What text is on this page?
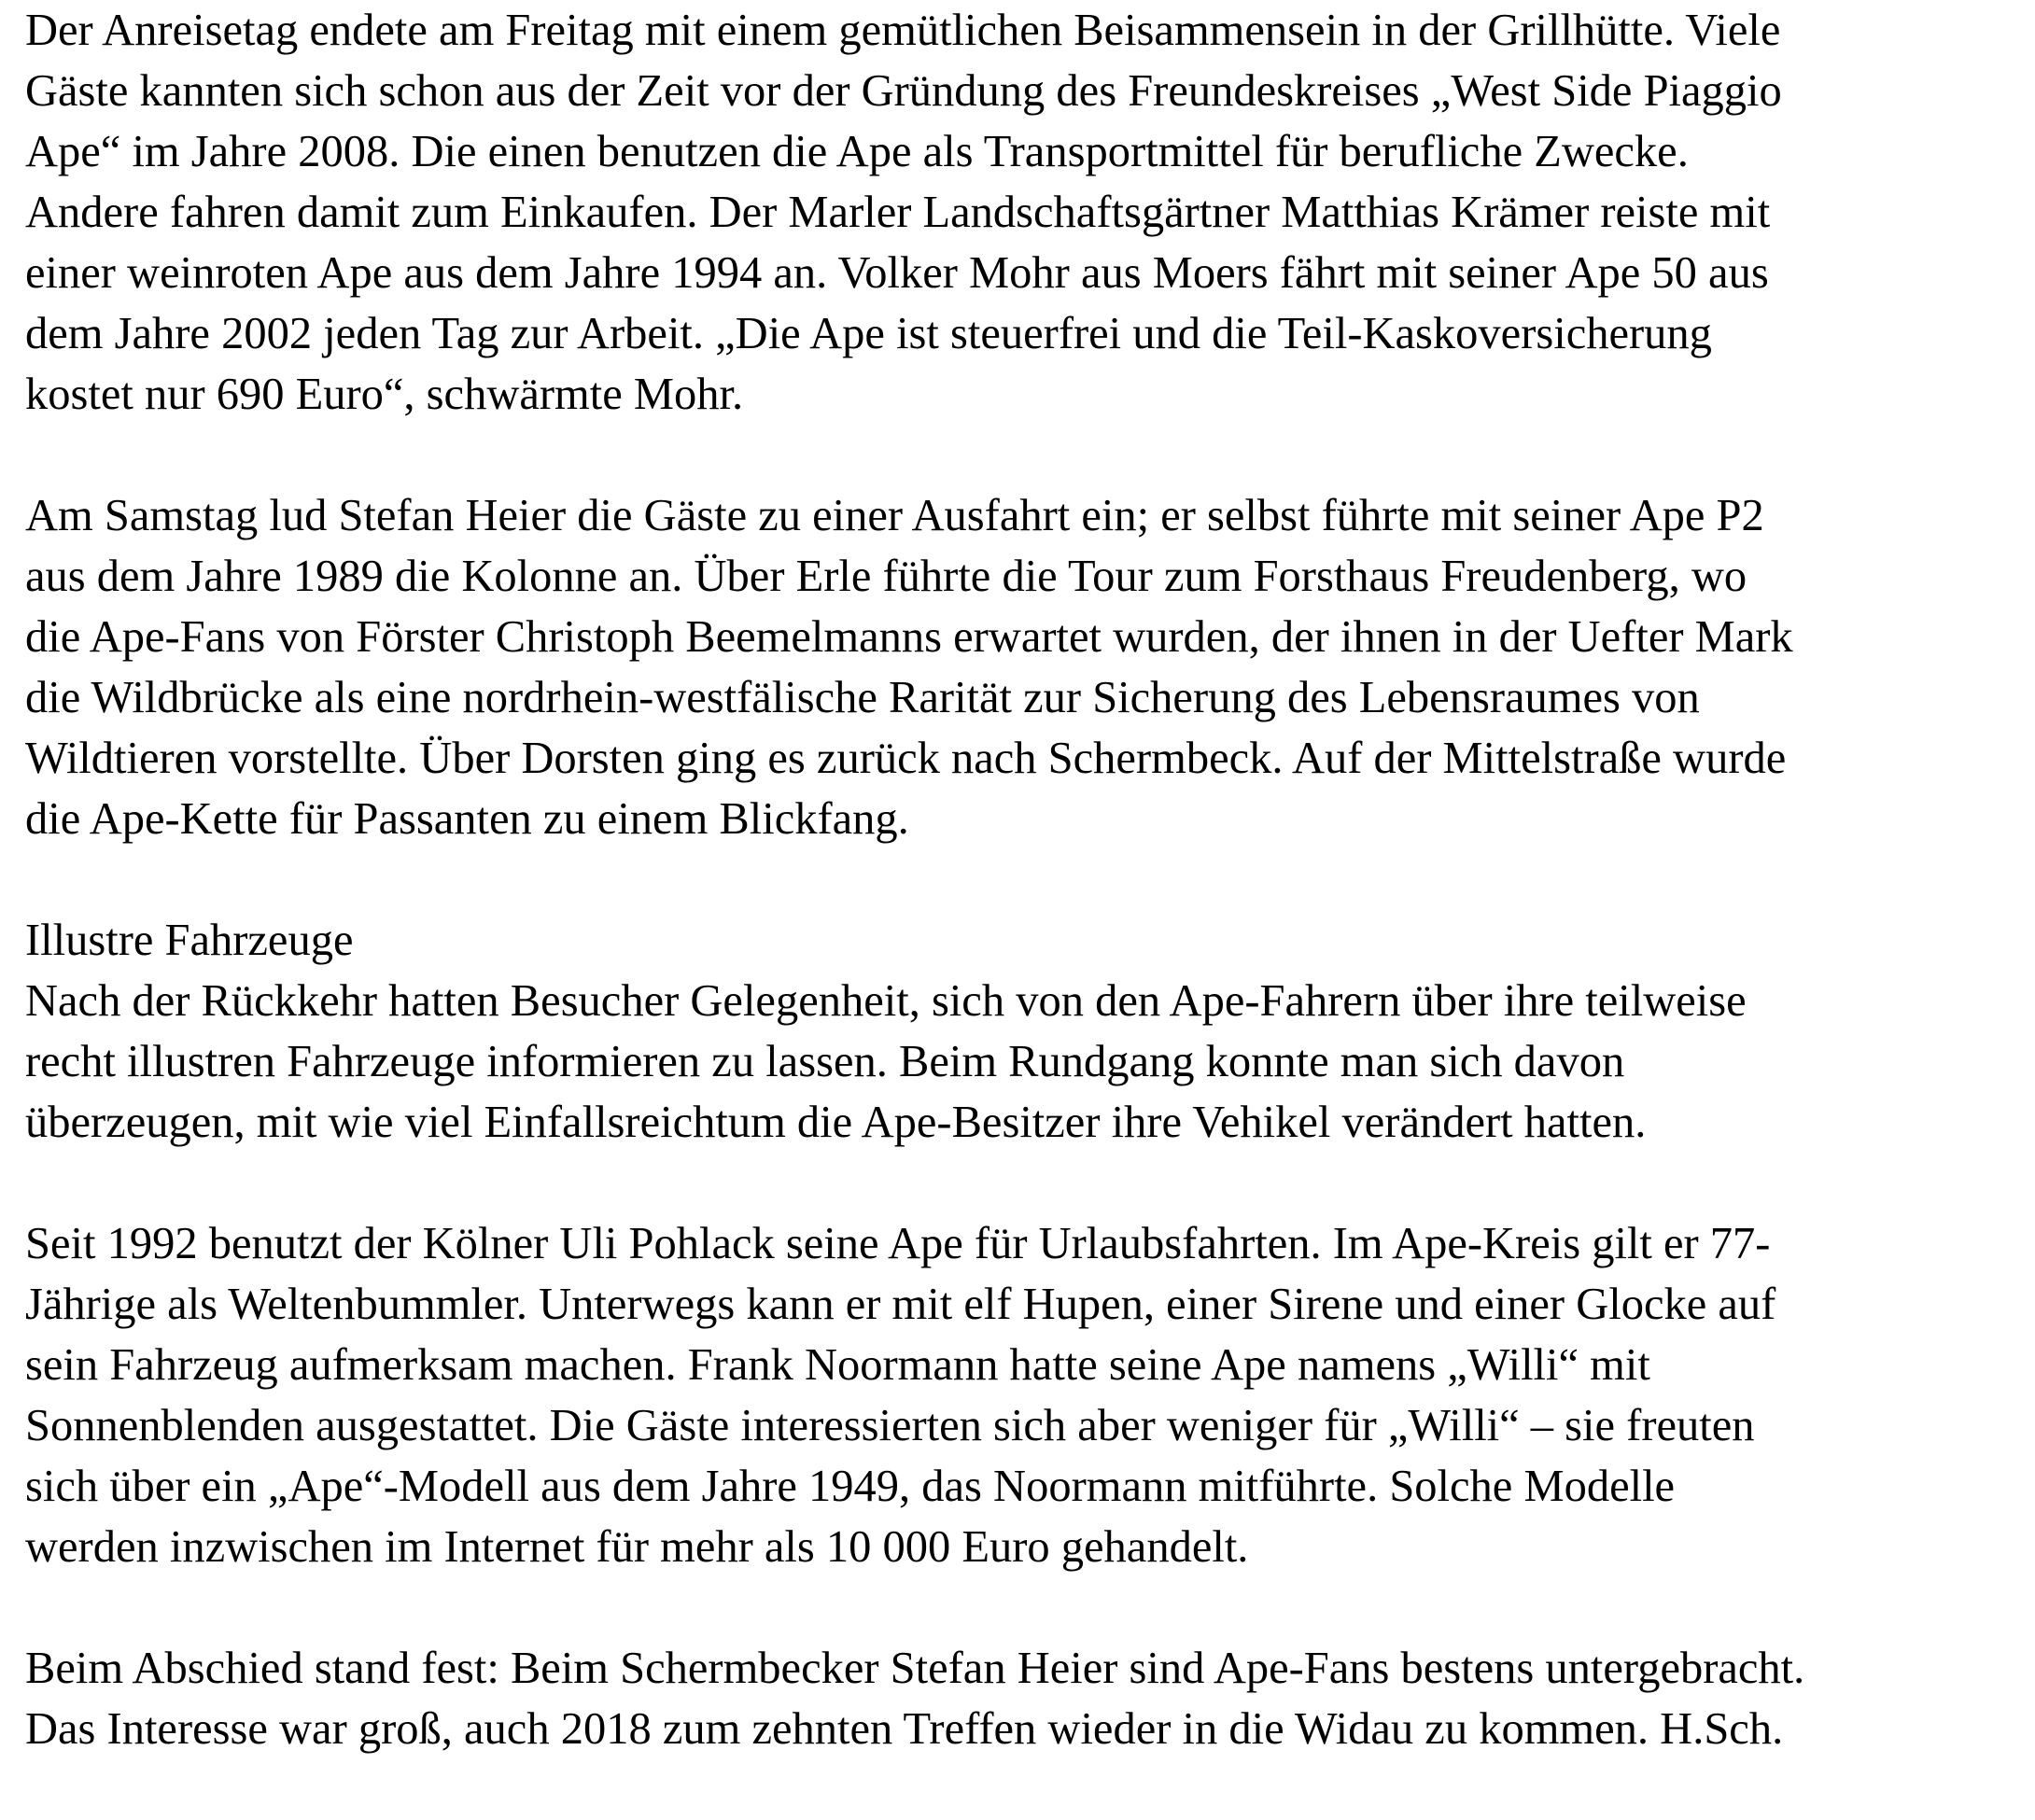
Der Anreisetag endete am Freitag mit einem gemütlichen Beisammensein in der Grillhütte. Viele
Gäste kannten sich schon aus der Zeit vor der Gründung des Freundeskreises „West Side Piaggio
Ape“ im Jahre 2008. Die einen benutzen die Ape als Transportmittel für berufliche Zwecke.
Andere fahren damit zum Einkaufen. Der Marler Landschaftsgärtner Matthias Krämer reiste mit
einer weinroten Ape aus dem Jahre 1994 an. Volker Mohr aus Moers fährt mit seiner Ape 50 aus
dem Jahre 2002 jeden Tag zur Arbeit. „Die Ape ist steuerfrei und die Teil-Kaskoversicherung
kostet nur 690 Euro“, schwärmte Mohr.

Am Samstag lud Stefan Heier die Gäste zu einer Ausfahrt ein; er selbst führte mit seiner Ape P2
aus dem Jahre 1989 die Kolonne an. Über Erle führte die Tour zum Forsthaus Freudenberg, wo
die Ape-Fans von Förster Christoph Beemelmanns erwartet wurden, der ihnen in der Uefter Mark
die Wildbrücke als eine nordrhein-westfälische Rarität zur Sicherung des Lebensraumes von
Wildtieren vorstellte. Über Dorsten ging es zurück nach Schermbeck. Auf der Mittelstraße wurde
die Ape-Kette für Passanten zu einem Blickfang.

Illustre Fahrzeuge
Nach der Rückkehr hatten Besucher Gelegenheit, sich von den Ape-Fahrern über ihre teilweise
recht illustren Fahrzeuge informieren zu lassen. Beim Rundgang konnte man sich davon
überzeugen, mit wie viel Einfallsreichtum die Ape-Besitzer ihre Vehikel verändert hatten.

Seit 1992 benutzt der Kölner Uli Pohlack seine Ape für Urlaubsfahrten. Im Ape-Kreis gilt er 77-
Jährige als Weltenbummler. Unterwegs kann er mit elf Hupen, einer Sirene und einer Glocke auf
sein Fahrzeug aufmerksam machen. Frank Noormann hatte seine Ape namens „Willi“ mit
Sonnenblenden ausgestattet. Die Gäste interessierten sich aber weniger für „Willi“ – sie freuten
sich über ein „Ape“-Modell aus dem Jahre 1949, das Noormann mitführte. Solche Modelle
werden inzwischen im Internet für mehr als 10 000 Euro gehandelt.

Beim Abschied stand fest: Beim Schermbecker Stefan Heier sind Ape-Fans bestens untergebracht.
Das Interesse war groß, auch 2018 zum zehnten Treffen wieder in die Widau zu kommen. H.Sch.
